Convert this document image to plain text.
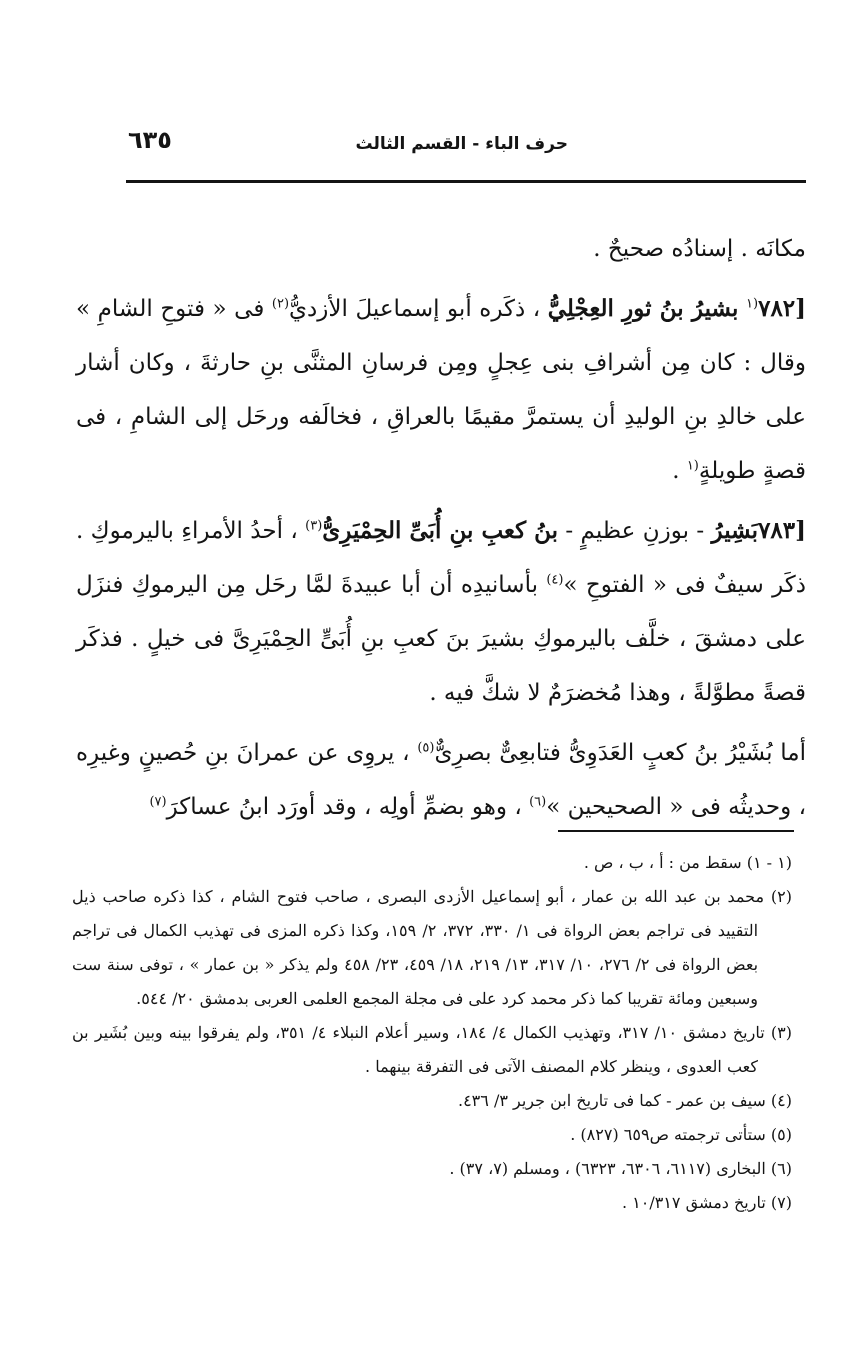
٦٣٥	حرف الباء - القسم الثالث

مكانَه . إسنادُه صحيحٌ .

[٧٨٢$^{(١}$ بشيرُ بنُ ثورِ العِجْلِيُّ ، ذكَره أبو إسماعيلَ الأزديُّ$^{(٢)}$ فى « فتوحِ الشامِ » وقال : كان مِن أشرافِ بنى عِجلٍ ومِن فرسانِ المثنَّى بنِ حارثةَ ، وكان أشار على خالدِ بنِ الوليدِ أن يستمرَّ مقيمًا بالعراقِ ، فخالَفه ورحَل إلى الشامِ ، فى قصةٍ طويلةٍ$^{(١}$ .

[٧٨٣بَشِيرُ - بوزنِ عظيمٍ - بنُ كعبِ بنِ أُبَىِّ الحِمْيَرِىُّ$^{(٣)}$ ، أحدُ الأمراءِ باليرموكِ . ذكَر سيفٌ فى « الفتوحِ »$^{(٤)}$ بأسانيدِه أن أبا عبيدةَ لمَّا رحَل مِن اليرموكِ فنزَل على دمشقَ ، خلَّف باليرموكِ بشيرَ بنَ كعبِ بنِ أُبَىٍّ الحِمْيَرِىَّ فى خيلٍ . فذكَر قصةً مطوَّلةً ، وهذا مُخضرَمٌ لا شكَّ فيه .

أما بُشَيْرُ بنُ كعبٍ العَدَوِىُّ فتابعِىٌّ بصرِىٌّ$^{(٥)}$ ، يروِى عن عمرانَ بنِ حُصينٍ وغيرِه ، وحديثُه فى « الصحيحين »$^{(٦)}$ ، وهو بضمِّ أولِه ، وقد أورَد ابنُ عساكرَ$^{(٧)}$

(١ - ١) سقط من : أ ، ب ، ص .

(٢) محمد بن عبد الله بن عمار ، أبو إسماعيل الأزدى البصرى ، صاحب فتوح الشام ، كذا ذكره صاحب ذيل التقييد فى تراجم بعض الرواة فى ١/ ٣٣٠، ٣٧٢، ٢/ ١٥٩، وكذا ذكره المزى فى تهذيب الكمال فى تراجم بعض الرواة فى ٢/ ٢٧٦، ١٠/ ٣١٧، ١٣/ ٢١٩، ١٨/ ٤٥٩، ٢٣/ ٤٥٨ ولم يذكر « بن عمار » ، توفى سنة ست وسبعين ومائة تقريبا كما ذكر محمد كرد على فى مجلة المجمع العلمى العربى بدمشق ٢٠/ ٥٤٤.

(٣) تاريخ دمشق ١٠/ ٣١٧، وتهذيب الكمال ٤/ ١٨٤، وسير أعلام النبلاء ٤/ ٣٥١، ولم يفرقوا بينه وبين بُشَير بن كعب العدوى ، وينظر كلام المصنف الآتى فى التفرقة بينهما .

(٤) سيف بن عمر - كما فى تاريخ ابن جرير ٣/ ٤٣٦.

(٥) ستأتى ترجمته ص٦٥٩ (٨٢٧) .

(٦) البخارى (٦١١٧، ٦٣٠٦، ٦٣٢٣) ، ومسلم (٧، ٣٧) .

(٧) تاريخ دمشق ١٠/٣١٧ .
